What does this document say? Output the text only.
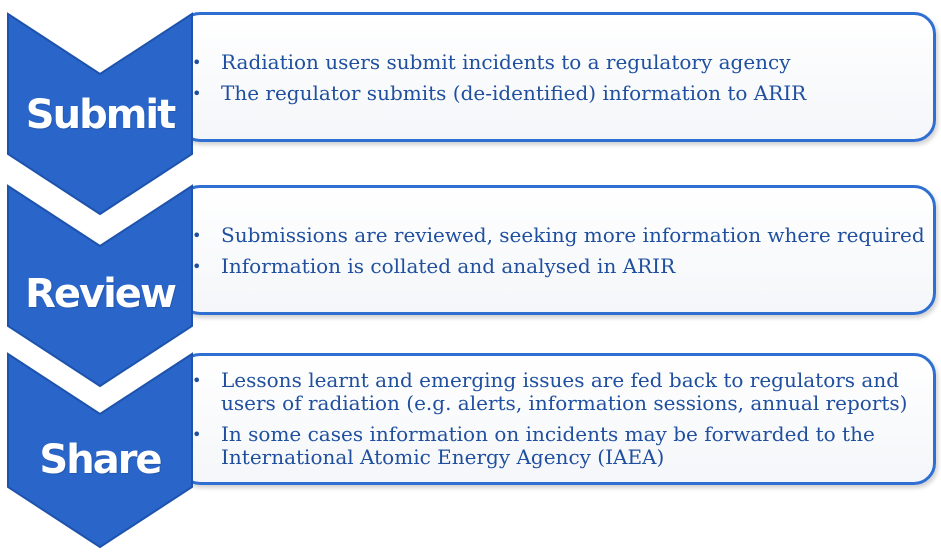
• Radiation users submit incidents to a regulatory agency
• The regulator submits (de-identified) information to ARIR
Submit
• Submissions are reviewed, seeking more information where required
• Information is collated and analysed in ARIR
Review
• Lessons learnt and emerging issues are fed back to regulators and users of radiation (e.g. alerts, information sessions, annual reports)
• In some cases information on incidents may be forwarded to the International Atomic Energy Agency (IAEA)
Share
